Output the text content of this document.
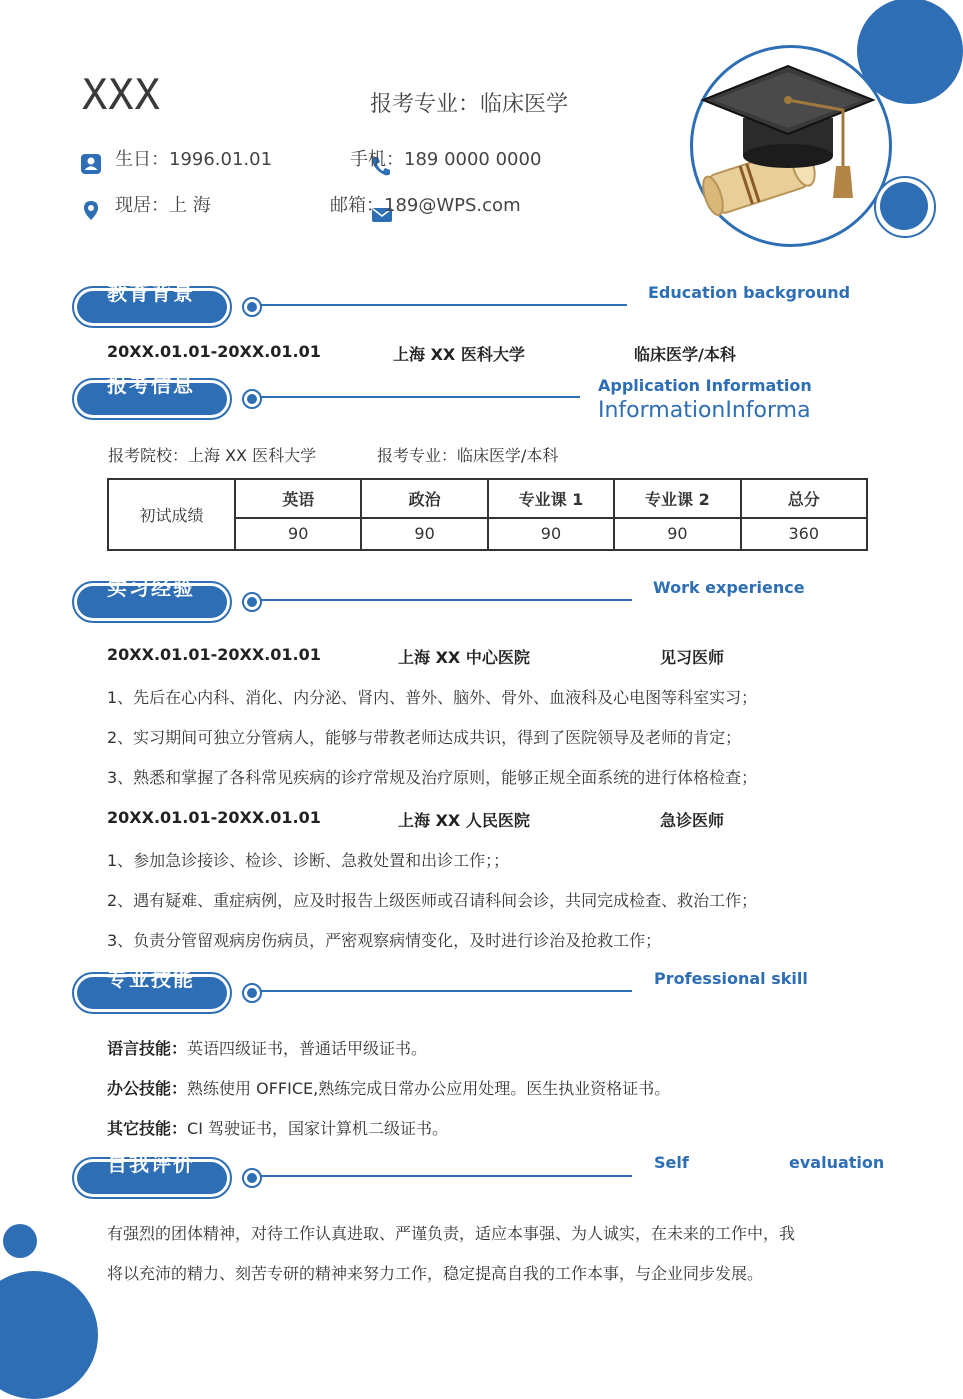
XXX	报考专业：临床医学
生日：1996.01.01	手机：189 0000 0000
现居：上 海	邮箱：189@WPS.com
教育背景	Education background
20XX.01.01-20XX.01.01	上海 XX 医科大学	临床医学/本科
报考信息	Application Information
InformationInforma
报考院校：上海 XX 医科大学	报考专业：临床医学/本科
初试成绩	英语	政治	专业课 1	专业课 2	总分
	90	90	90	90	360
实习经验	Work experience
20XX.01.01-20XX.01.01	上海 XX 中心医院	见习医师
1、先后在心内科、消化、内分泌、肾内、普外、脑外、骨外、血液科及心电图等科室实习；
2、实习期间可独立分管病人，能够与带教老师达成共识，得到了医院领导及老师的肯定；
3、熟悉和掌握了各科常见疾病的诊疗常规及治疗原则，能够正规全面系统的进行体格检查；
20XX.01.01-20XX.01.01	上海 XX 人民医院	急诊医师
1、参加急诊接诊、检诊、诊断、急救处置和出诊工作；；
2、遇有疑难、重症病例，应及时报告上级医师或召请科间会诊，共同完成检查、救治工作；
3、负责分管留观病房伤病员，严密观察病情变化，及时进行诊治及抢救工作；
专业技能	Professional skill
语言技能：英语四级证书，普通话甲级证书。
办公技能：熟练使用 OFFICE,熟练完成日常办公应用处理。医生执业资格证书。
其它技能：CI 驾驶证书，国家计算机二级证书。
自我评价	Self	evaluation
有强烈的团体精神，对待工作认真进取、严谨负责，适应本事强、为人诚实，在未来的工作中，我
将以充沛的精力、刻苦专研的精神来努力工作，稳定提高自我的工作本事，与企业同步发展。
